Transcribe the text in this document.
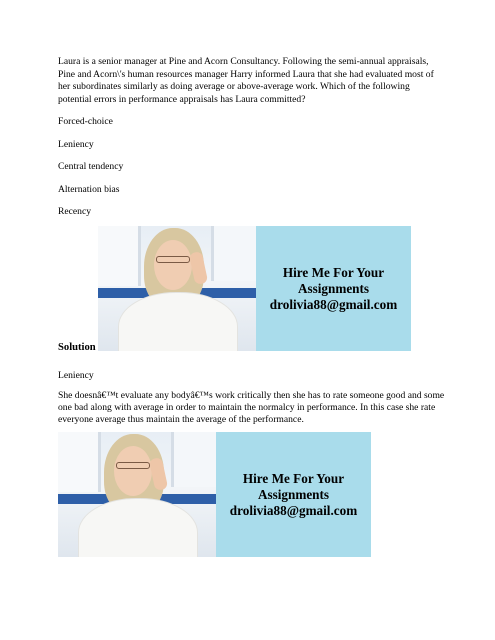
Laura is a senior manager at Pine and Acorn Consultancy. Following the semi-annual appraisals, Pine and Acorn\'s human resources manager Harry informed Laura that she had evaluated most of her subordinates similarly as doing average or above-average work. Which of the following potential errors in performance appraisals has Laura committed?

Forced-choice

Leniency

Central tendency

Alternation bias

Recency

Hire Me For Your
Assignments
drolivia88@gmail.com

Solution

Leniency

She doesnâ€™t evaluate any bodyâ€™s work critically then she has to rate someone good and some one bad along with average in order to maintain the normalcy in performance. In this case she rate everyone average thus maintain the average of the performance.

Hire Me For Your
Assignments
drolivia88@gmail.com
